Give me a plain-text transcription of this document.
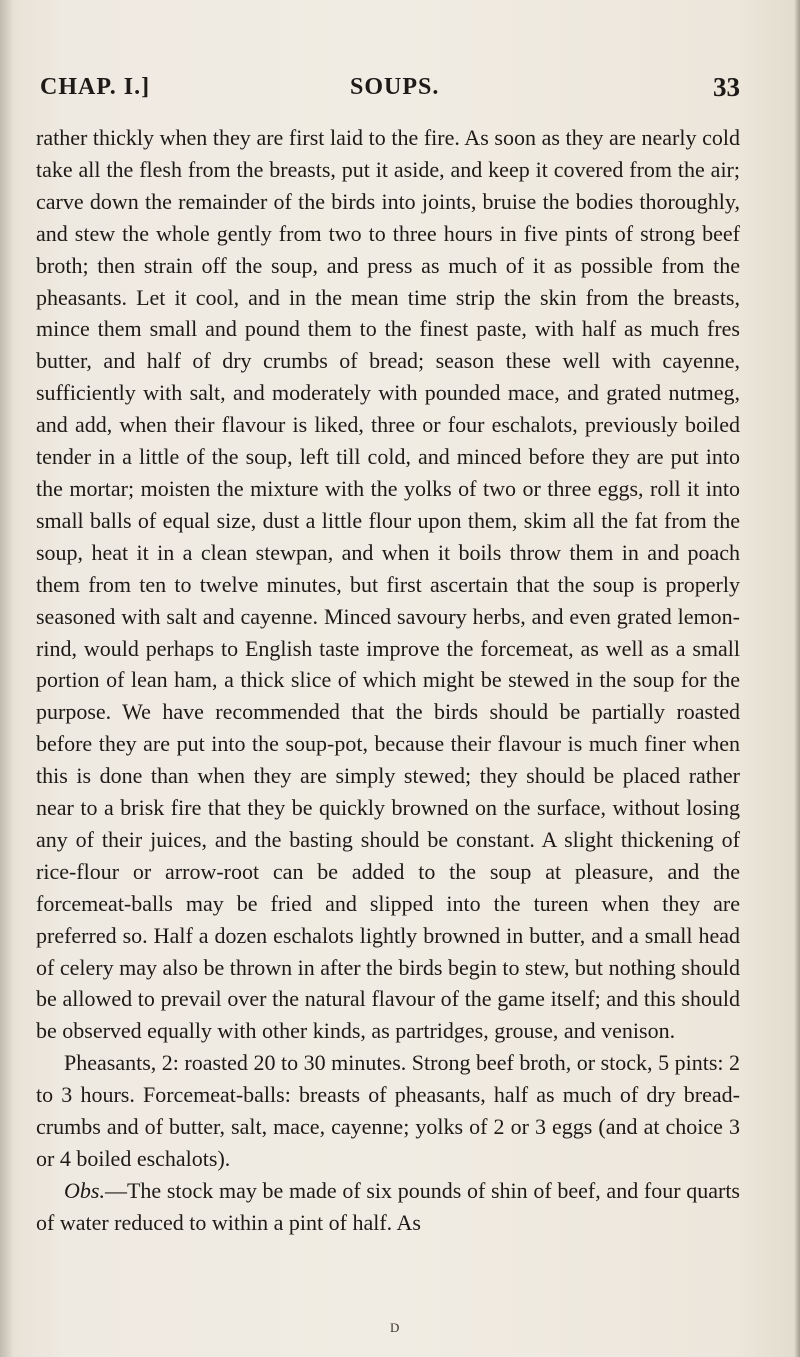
CHAP. I.]	SOUPS.	33

rather thickly when they are first laid to the fire. As soon as they are nearly cold take all the flesh from the breasts, put it aside, and keep it covered from the air; carve down the remainder of the birds into joints, bruise the bodies thoroughly, and stew the whole gently from two to three hours in five pints of strong beef broth; then strain off the soup, and press as much of it as possible from the pheasants. Let it cool, and in the mean time strip the skin from the breasts, mince them small and pound them to the finest paste, with half as much fres butter, and half of dry crumbs of bread; season these well with cayenne, sufficiently with salt, and moderately with pounded mace, and grated nutmeg, and add, when their flavour is liked, three or four eschalots, previously boiled tender in a little of the soup, left till cold, and minced before they are put into the mortar; moisten the mixture with the yolks of two or three eggs, roll it into small balls of equal size, dust a little flour upon them, skim all the fat from the soup, heat it in a clean stewpan, and when it boils throw them in and poach them from ten to twelve minutes, but first ascertain that the soup is properly seasoned with salt and cayenne. Minced savoury herbs, and even grated lemon-rind, would perhaps to English taste improve the forcemeat, as well as a small portion of lean ham, a thick slice of which might be stewed in the soup for the purpose. We have recommended that the birds should be partially roasted before they are put into the soup-pot, because their flavour is much finer when this is done than when they are simply stewed; they should be placed rather near to a brisk fire that they be quickly browned on the surface, without losing any of their juices, and the basting should be constant. A slight thickening of rice-flour or arrow-root can be added to the soup at pleasure, and the forcemeat-balls may be fried and slipped into the tureen when they are preferred so. Half a dozen eschalots lightly browned in butter, and a small head of celery may also be thrown in after the birds begin to stew, but nothing should be allowed to prevail over the natural flavour of the game itself; and this should be observed equally with other kinds, as partridges, grouse, and venison.

Pheasants, 2: roasted 20 to 30 minutes. Strong beef broth, or stock, 5 pints: 2 to 3 hours. Forcemeat-balls: breasts of pheasants, half as much of dry bread-crumbs and of butter, salt, mace, cayenne; yolks of 2 or 3 eggs (and at choice 3 or 4 boiled eschalots).

Obs.—The stock may be made of six pounds of shin of beef, and four quarts of water reduced to within a pint of half. As

D
